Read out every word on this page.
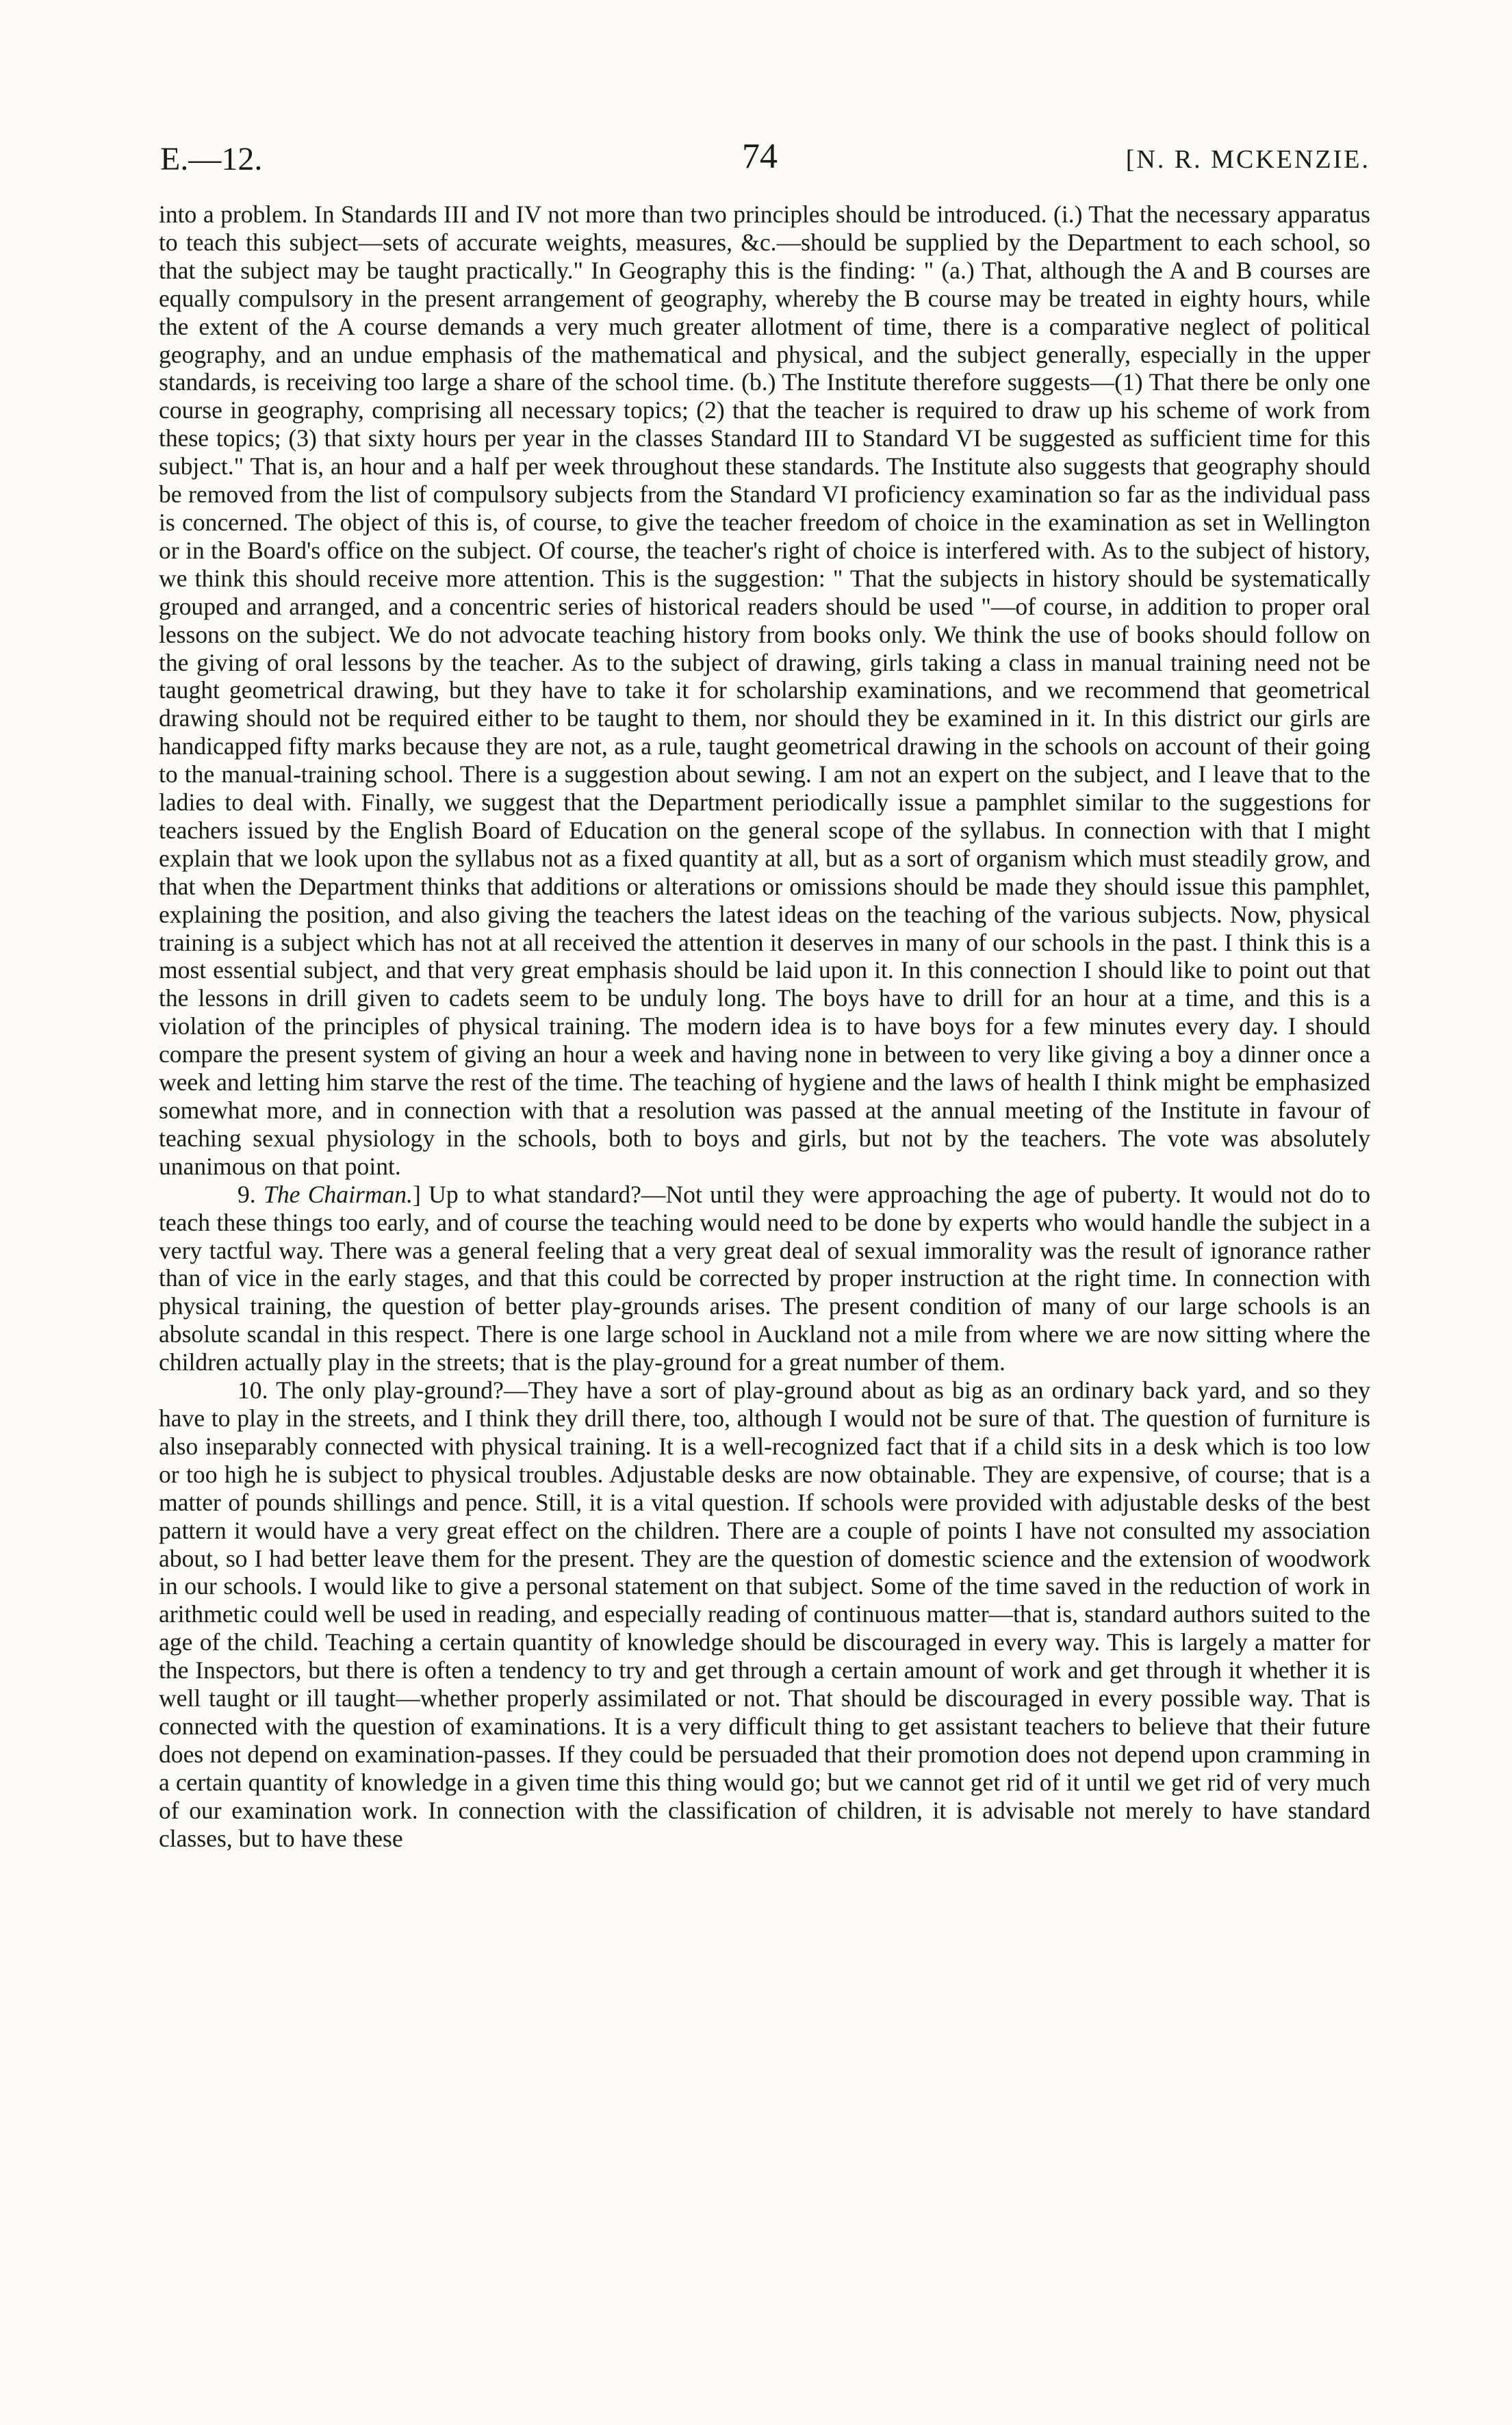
E.—12.	74	[N. R. MCKENZIE.

into a problem. In Standards III and IV not more than two principles should be introduced. (i.) That the necessary apparatus to teach this subject—sets of accurate weights, measures, &c.—should be supplied by the Department to each school, so that the subject may be taught practically." In Geography this is the finding: " (a.) That, although the A and B courses are equally compulsory in the present arrangement of geography, whereby the B course may be treated in eighty hours, while the extent of the A course demands a very much greater allotment of time, there is a comparative neglect of political geography, and an undue emphasis of the mathematical and physical, and the subject generally, especially in the upper standards, is receiving too large a share of the school time. (b.) The Institute therefore suggests—(1) That there be only one course in geography, comprising all necessary topics; (2) that the teacher is required to draw up his scheme of work from these topics; (3) that sixty hours per year in the classes Standard III to Standard VI be suggested as sufficient time for this subject." That is, an hour and a half per week throughout these standards. The Institute also suggests that geography should be removed from the list of compulsory subjects from the Standard VI proficiency examination so far as the individual pass is concerned. The object of this is, of course, to give the teacher freedom of choice in the examination as set in Wellington or in the Board's office on the subject. Of course, the teacher's right of choice is interfered with. As to the subject of history, we think this should receive more attention. This is the suggestion: " That the subjects in history should be systematically grouped and arranged, and a concentric series of historical readers should be used "—of course, in addition to proper oral lessons on the subject. We do not advocate teaching history from books only. We think the use of books should follow on the giving of oral lessons by the teacher. As to the subject of drawing, girls taking a class in manual training need not be taught geometrical drawing, but they have to take it for scholarship examinations, and we recommend that geometrical drawing should not be required either to be taught to them, nor should they be examined in it. In this district our girls are handicapped fifty marks because they are not, as a rule, taught geometrical drawing in the schools on account of their going to the manual-training school. There is a suggestion about sewing. I am not an expert on the subject, and I leave that to the ladies to deal with. Finally, we suggest that the Department periodically issue a pamphlet similar to the suggestions for teachers issued by the English Board of Education on the general scope of the syllabus. In connection with that I might explain that we look upon the syllabus not as a fixed quantity at all, but as a sort of organism which must steadily grow, and that when the Department thinks that additions or alterations or omissions should be made they should issue this pamphlet, explaining the position, and also giving the teachers the latest ideas on the teaching of the various subjects. Now, physical training is a subject which has not at all received the attention it deserves in many of our schools in the past. I think this is a most essential subject, and that very great emphasis should be laid upon it. In this connection I should like to point out that the lessons in drill given to cadets seem to be unduly long. The boys have to drill for an hour at a time, and this is a violation of the principles of physical training. The modern idea is to have boys for a few minutes every day. I should compare the present system of giving an hour a week and having none in between to very like giving a boy a dinner once a week and letting him starve the rest of the time. The teaching of hygiene and the laws of health I think might be emphasized somewhat more, and in connection with that a resolution was passed at the annual meeting of the Institute in favour of teaching sexual physiology in the schools, both to boys and girls, but not by the teachers. The vote was absolutely unanimous on that point.

9. The Chairman.] Up to what standard?—Not until they were approaching the age of puberty. It would not do to teach these things too early, and of course the teaching would need to be done by experts who would handle the subject in a very tactful way. There was a general feeling that a very great deal of sexual immorality was the result of ignorance rather than of vice in the early stages, and that this could be corrected by proper instruction at the right time. In connection with physical training, the question of better play-grounds arises. The present condition of many of our large schools is an absolute scandal in this respect. There is one large school in Auckland not a mile from where we are now sitting where the children actually play in the streets; that is the play-ground for a great number of them.

10. The only play-ground?—They have a sort of play-ground about as big as an ordinary back yard, and so they have to play in the streets, and I think they drill there, too, although I would not be sure of that. The question of furniture is also inseparably connected with physical training. It is a well-recognized fact that if a child sits in a desk which is too low or too high he is subject to physical troubles. Adjustable desks are now obtainable. They are expensive, of course; that is a matter of pounds shillings and pence. Still, it is a vital question. If schools were provided with adjustable desks of the best pattern it would have a very great effect on the children. There are a couple of points I have not consulted my association about, so I had better leave them for the present. They are the question of domestic science and the extension of woodwork in our schools. I would like to give a personal statement on that subject. Some of the time saved in the reduction of work in arithmetic could well be used in reading, and especially reading of continuous matter—that is, standard authors suited to the age of the child. Teaching a certain quantity of knowledge should be discouraged in every way. This is largely a matter for the Inspectors, but there is often a tendency to try and get through a certain amount of work and get through it whether it is well taught or ill taught—whether properly assimilated or not. That should be discouraged in every possible way. That is connected with the question of examinations. It is a very difficult thing to get assistant teachers to believe that their future does not depend on examination-passes. If they could be persuaded that their promotion does not depend upon cramming in a certain quantity of knowledge in a given time this thing would go; but we cannot get rid of it until we get rid of very much of our examination work. In connection with the classification of children, it is advisable not merely to have standard classes, but to have these
